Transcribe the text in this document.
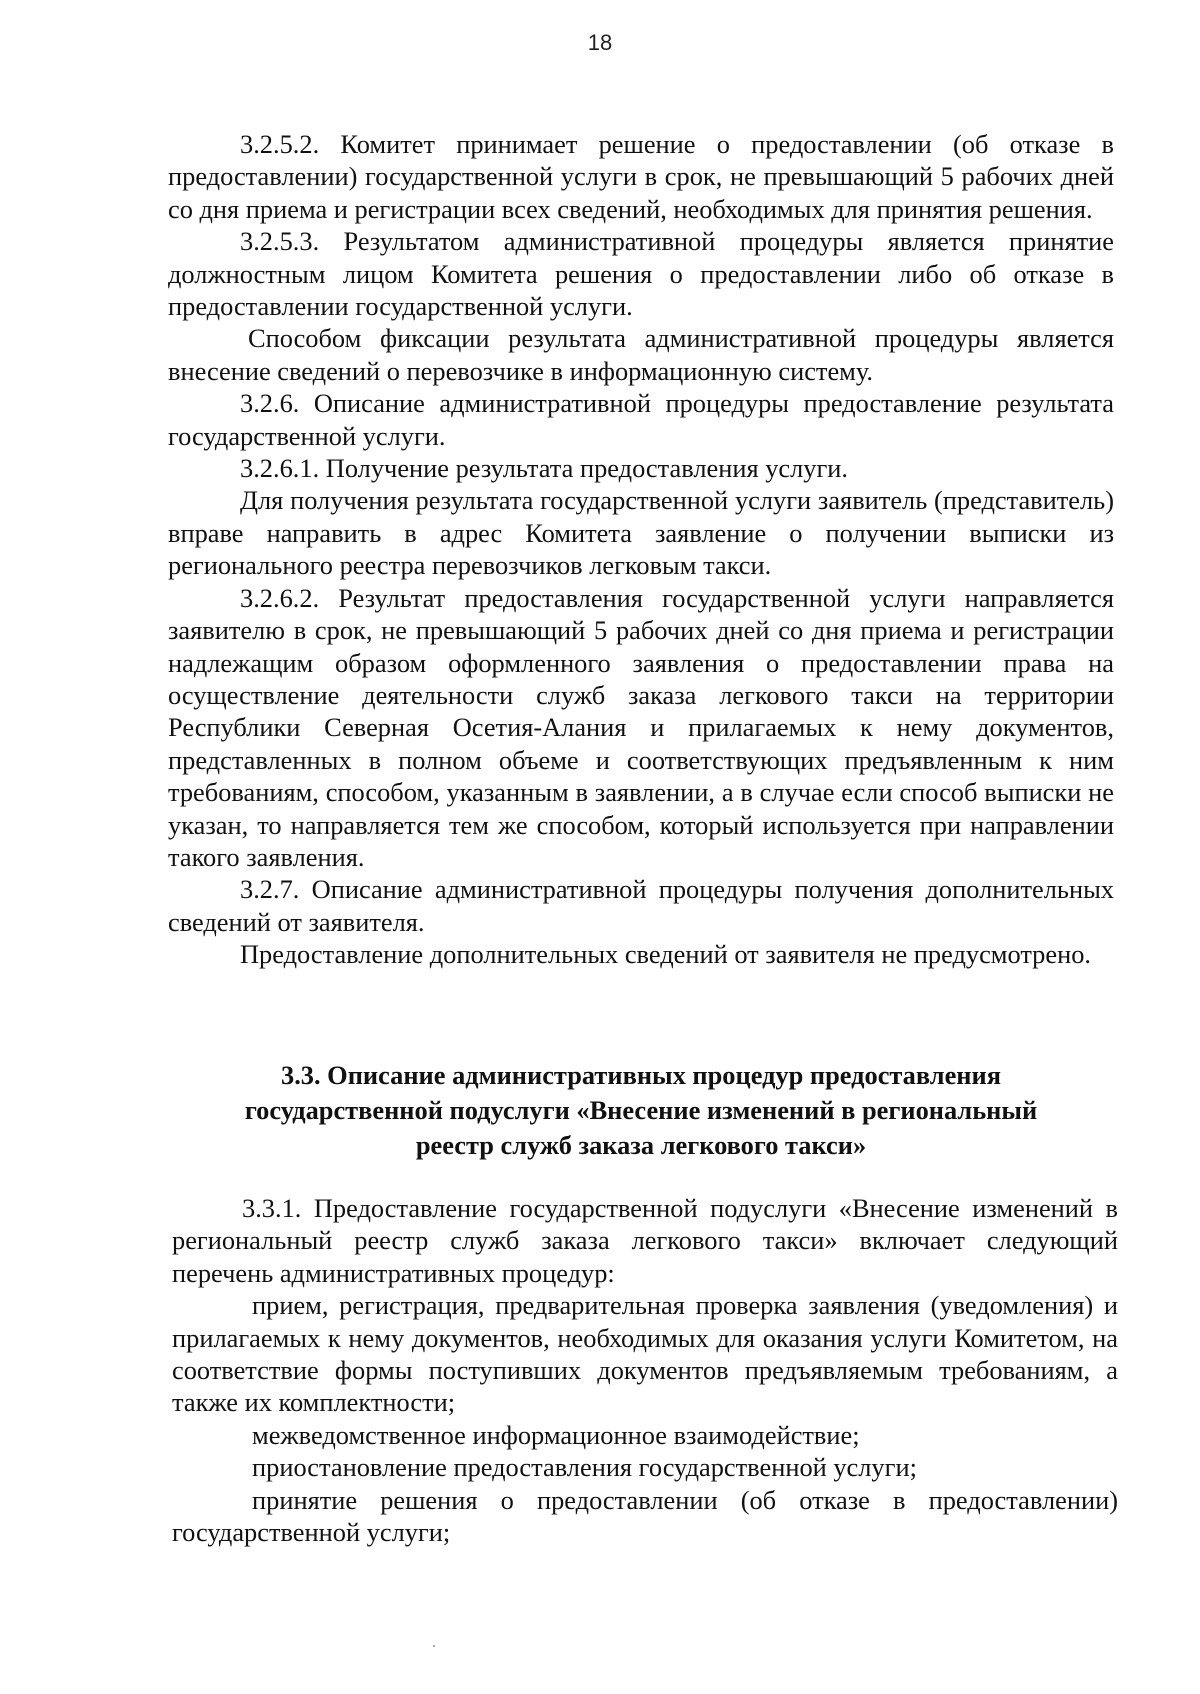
18

3.2.5.2. Комитет принимает решение о предоставлении (об отказе в предоставлении) государственной услуги в срок, не превышающий 5 рабочих дней со дня приема и регистрации всех сведений, необходимых для принятия решения.

3.2.5.3. Результатом административной процедуры является принятие должностным лицом Комитета решения о предоставлении либо об отказе в предоставлении государственной услуги.

Способом фиксации результата административной процедуры является внесение сведений о перевозчике в информационную систему.

3.2.6. Описание административной процедуры предоставление результата государственной услуги.

3.2.6.1. Получение результата предоставления услуги.

Для получения результата государственной услуги заявитель (представитель) вправе направить в адрес Комитета заявление о получении выписки из регионального реестра перевозчиков легковым такси.

3.2.6.2. Результат предоставления государственной услуги направляется заявителю в срок, не превышающий 5 рабочих дней со дня приема и регистрации надлежащим образом оформленного заявления о предоставлении права на осуществление деятельности служб заказа легкового такси на территории Республики Северная Осетия-Алания и прилагаемых к нему документов, представленных в полном объеме и соответствующих предъявленным к ним требованиям, способом, указанным в заявлении, а в случае если способ выписки не указан, то направляется тем же способом, который используется при направлении такого заявления.

3.2.7. Описание административной процедуры получения дополнительных сведений от заявителя.

Предоставление дополнительных сведений от заявителя не предусмотрено.

3.3. Описание административных процедур предоставления
государственной подуслуги «Внесение изменений в региональный
реестр служб заказа легкового такси»

3.3.1. Предоставление государственной подуслуги «Внесение изменений в региональный реестр служб заказа легкового такси» включает следующий перечень административных процедур:

прием, регистрация, предварительная проверка заявления (уведомления) и прилагаемых к нему документов, необходимых для оказания услуги Комитетом, на соответствие формы поступивших документов предъявляемым требованиям, а также их комплектности;

межведомственное информационное взаимодействие;

приостановление предоставления государственной услуги;

принятие решения о предоставлении (об отказе в предоставлении) государственной услуги;
